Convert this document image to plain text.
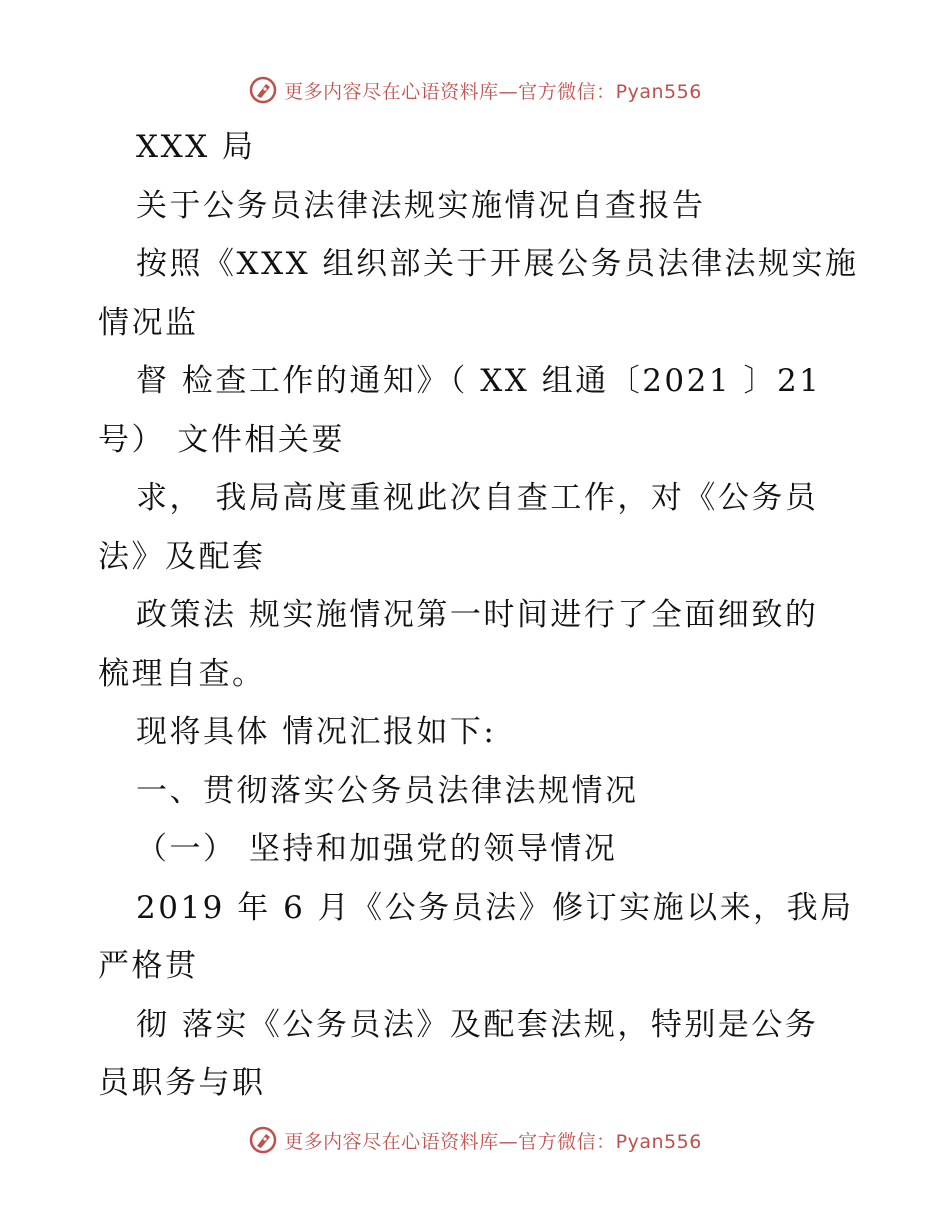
更多内容尽在心语资料库—官方微信：Pyan556
XXX 局
关于公务员法律法规实施情况自查报告
按照《XXX 组织部关于开展公务员法律法规实施
情况监
督 检查工作的通知》（ XX 组通〔2021 〕21
号） 文件相关要
求， 我局高度重视此次自查工作，对《公务员
法》及配套
政策法 规实施情况第一时间进行了全面细致的
梳理自查。
现将具体 情况汇报如下:
一、贯彻落实公务员法律法规情况
（一） 坚持和加强党的领导情况
2019 年 6 月《公务员法》修订实施以来，我局
严格贯
彻 落实《公务员法》及配套法规，特别是公务
员职务与职
更多内容尽在心语资料库—官方微信：Pyan556
